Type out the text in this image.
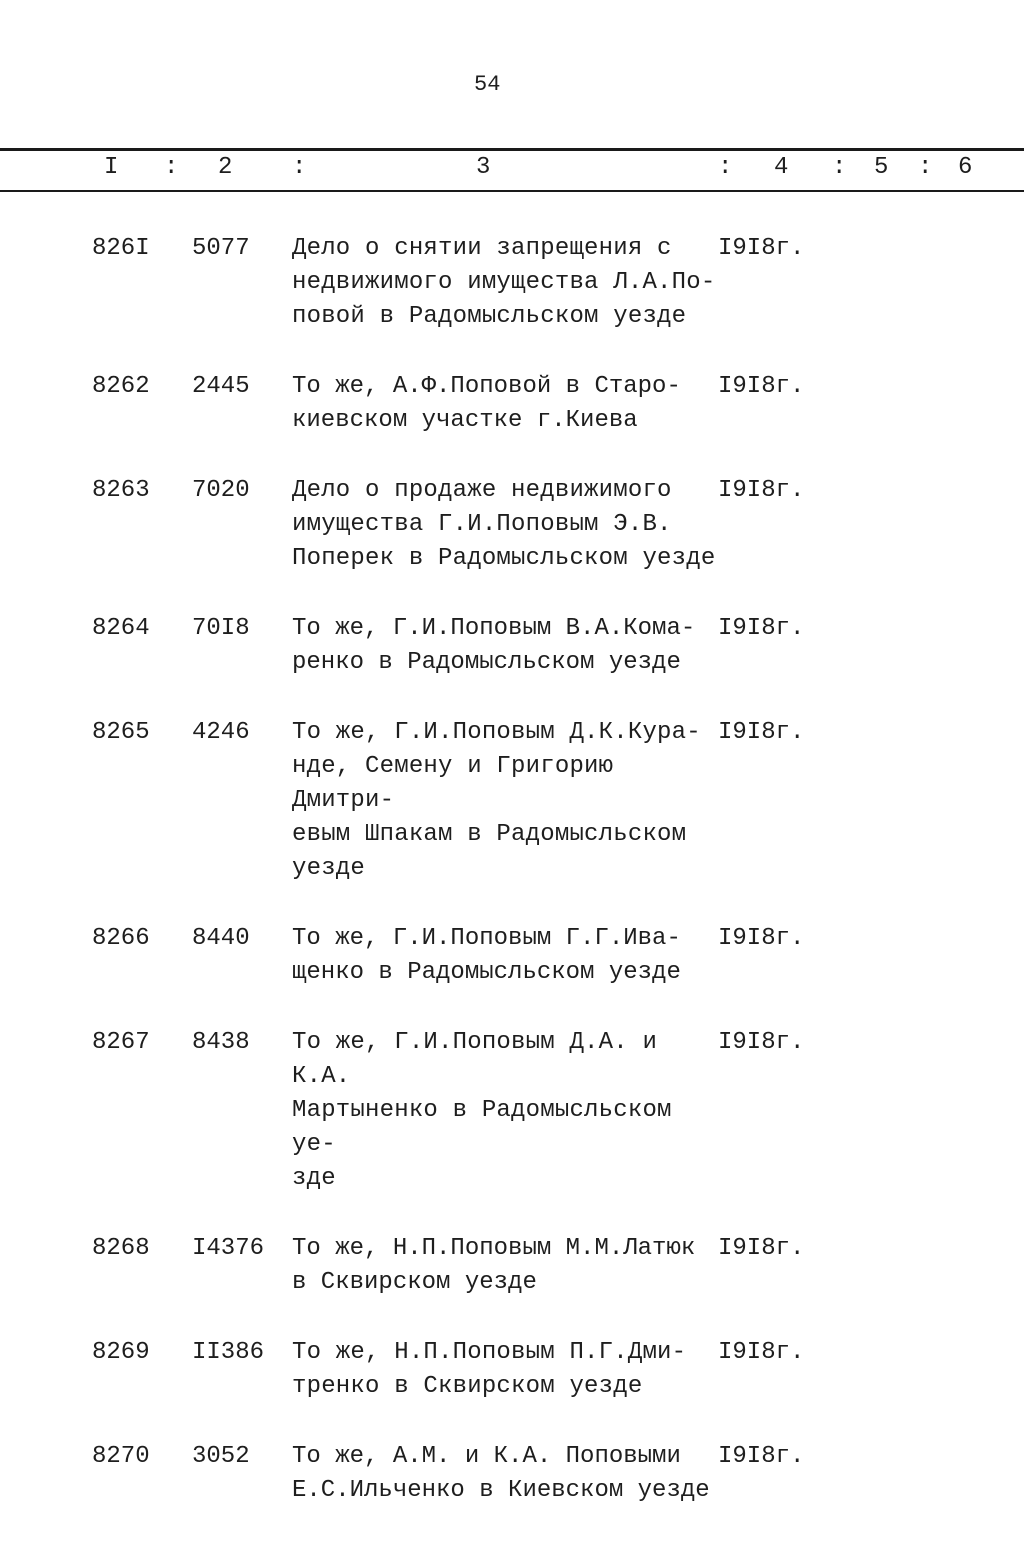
54
I : 2 :	3	: 4 : 5 : 6
826I 5077 Дело о снятии запрещения с
недвижимого имущества Л.А.По-
повой в Радомысльском уезде
I9I8г.
8262 2445 То же, А.Ф.Поповой в Старо-
киевском участке г.Киева
I9I8г.
8263 7020 Дело о продаже недвижимого
имущества Г.И.Поповым Э.В.
Поперек в Радомысльском уезде
I9I8г.
8264 70I8 То же, Г.И.Поповым В.А.Кома-
ренко в Радомысльском уезде
I9I8г.
8265 4246 То же, Г.И.Поповым Д.К.Кура-
нде, Семену и Григорию Дмитри-
евым Шпакам в Радомысльском
уезде
I9I8г.
8266 8440 То же, Г.И.Поповым Г.Г.Ива-
щенко в Радомысльском уезде
I9I8г.
8267 8438 То же, Г.И.Поповым Д.А. и К.А.
Мартыненко в Радомысльском уе-
зде
I9I8г.
8268 I4376 То же, Н.П.Поповым М.М.Латюк
в Сквирском уезде
I9I8г.
8269 II386 То же, Н.П.Поповым П.Г.Дми-
тренко в Сквирском уезде
I9I8г.
8270 3052 То же, А.М. и К.А. Поповыми
Е.С.Ильченко в Киевском уезде
I9I8г.
